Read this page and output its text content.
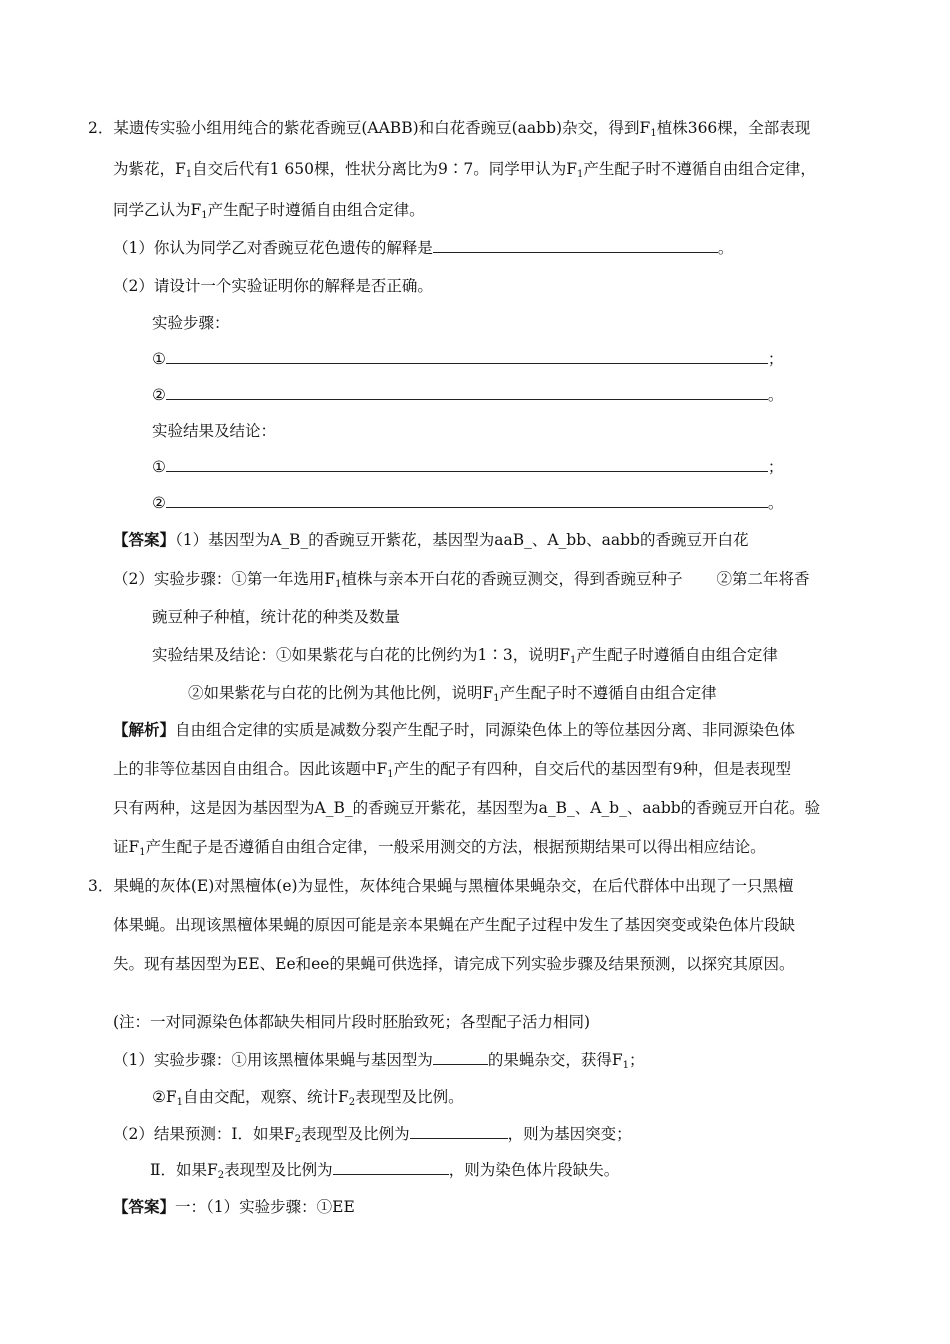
2．某遗传实验小组用纯合的紫花香豌豆(AABB)和白花香豌豆(aabb)杂交，得到$F_1$植株366棵，全部表现
为紫花，$F_1$自交后代有1 650棵，性状分离比为9∶7。同学甲认为$F_1$产生配子时不遵循自由组合定律，
同学乙认为$F_1$产生配子时遵循自由组合定律。
（1）你认为同学乙对香豌豆花色遗传的解释是	。
（2）请设计一个实验证明你的解释是否正确。
实验步骤：
①	；
②	。
实验结果及结论：
①	；
②	。
【答案】（1）基因型为A_B_的香豌豆开紫花，基因型为aaB_、A_bb、aabb的香豌豆开白花
（2）实验步骤：①第一年选用$F_1$植株与亲本开白花的香豌豆测交，得到香豌豆种子 ②第二年将香
豌豆种子种植，统计花的种类及数量
实验结果及结论：①如果紫花与白花的比例约为1∶3，说明$F_1$产生配子时遵循自由组合定律
②如果紫花与白花的比例为其他比例，说明$F_1$产生配子时不遵循自由组合定律
【解析】自由组合定律的实质是减数分裂产生配子时，同源染色体上的等位基因分离、非同源染色体
上的非等位基因自由组合。因此该题中$F_1$产生的配子有四种，自交后代的基因型有9种，但是表现型
只有两种，这是因为基因型为A_B_的香豌豆开紫花，基因型为a_B_、A_b_、aabb的香豌豆开白花。验
证$F_1$产生配子是否遵循自由组合定律，一般采用测交的方法，根据预期结果可以得出相应结论。
3．果蝇的灰体(E)对黑檀体(e)为显性，灰体纯合果蝇与黑檀体果蝇杂交，在后代群体中出现了一只黑檀
体果蝇。出现该黑檀体果蝇的原因可能是亲本果蝇在产生配子过程中发生了基因突变或染色体片段缺
失。现有基因型为EE、Ee和ee的果蝇可供选择，请完成下列实验步骤及结果预测，以探究其原因。
(注：一对同源染色体都缺失相同片段时胚胎致死；各型配子活力相同)
（1）实验步骤：①用该黑檀体果蝇与基因型为	的果蝇杂交，获得$F_1$；
$②F_1$自由交配，观察、统计$F_2$表现型及比例。
（2）结果预测：Ⅰ．如果$F_2$表现型及比例为	，则为基因突变；
Ⅱ．如果$F_2$表现型及比例为	，则为染色体片段缺失。
【答案】一：（1）实验步骤：①EE
